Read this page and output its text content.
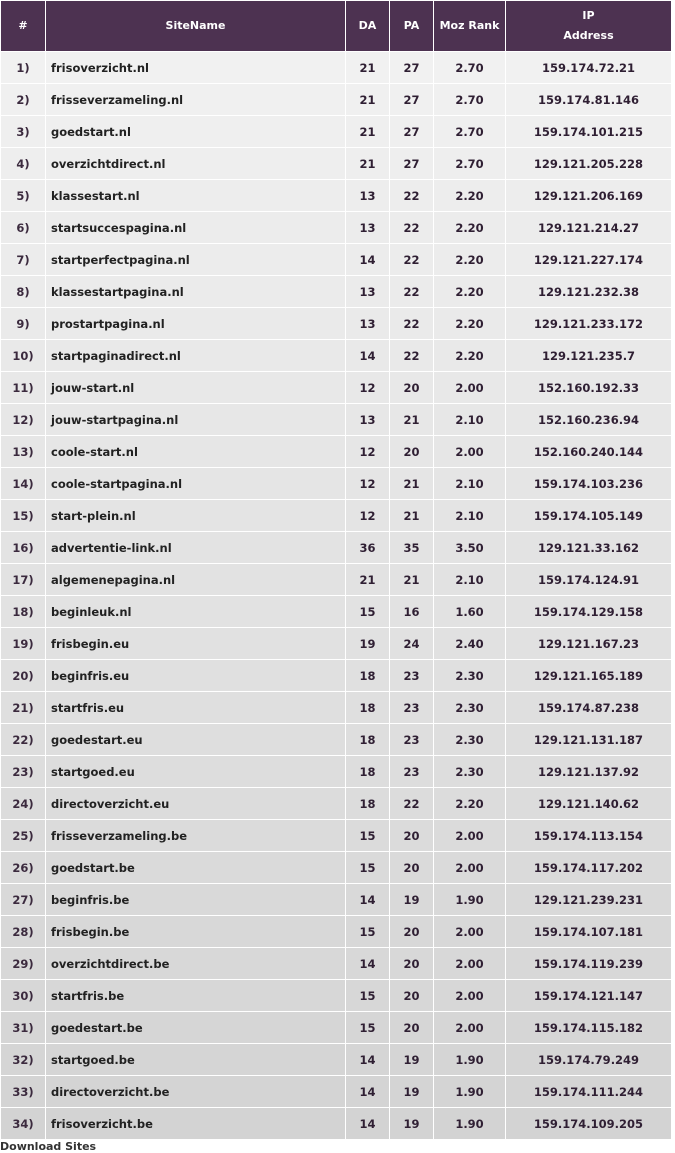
#	SiteName	DA	PA	Moz Rank	IP
Address

1)	frisoverzicht.nl	21	27	2.70	159.174.72.21
2)	frisseverzameling.nl	21	27	2.70	159.174.81.146
3)	goedstart.nl	21	27	2.70	159.174.101.215
4)	overzichtdirect.nl	21	27	2.70	129.121.205.228
5)	klassestart.nl	13	22	2.20	129.121.206.169
6)	startsuccespagina.nl	13	22	2.20	129.121.214.27
7)	startperfectpagina.nl	14	22	2.20	129.121.227.174
8)	klassestartpagina.nl	13	22	2.20	129.121.232.38
9)	prostartpagina.nl	13	22	2.20	129.121.233.172
10)	startpaginadirect.nl	14	22	2.20	129.121.235.7
11)	jouw-start.nl	12	20	2.00	152.160.192.33
12)	jouw-startpagina.nl	13	21	2.10	152.160.236.94
13)	coole-start.nl	12	20	2.00	152.160.240.144
14)	coole-startpagina.nl	12	21	2.10	159.174.103.236
15)	start-plein.nl	12	21	2.10	159.174.105.149
16)	advertentie-link.nl	36	35	3.50	129.121.33.162
17)	algemenepagina.nl	21	21	2.10	159.174.124.91
18)	beginleuk.nl	15	16	1.60	159.174.129.158
19)	frisbegin.eu	19	24	2.40	129.121.167.23
20)	beginfris.eu	18	23	2.30	129.121.165.189
21)	startfris.eu	18	23	2.30	159.174.87.238
22)	goedestart.eu	18	23	2.30	129.121.131.187
23)	startgoed.eu	18	23	2.30	129.121.137.92
24)	directoverzicht.eu	18	22	2.20	129.121.140.62
25)	frisseverzameling.be	15	20	2.00	159.174.113.154
26)	goedstart.be	15	20	2.00	159.174.117.202
27)	beginfris.be	14	19	1.90	129.121.239.231
28)	frisbegin.be	15	20	2.00	159.174.107.181
29)	overzichtdirect.be	14	20	2.00	159.174.119.239
30)	startfris.be	15	20	2.00	159.174.121.147
31)	goedestart.be	15	20	2.00	159.174.115.182
32)	startgoed.be	14	19	1.90	159.174.79.249
33)	directoverzicht.be	14	19	1.90	159.174.111.244
34)	frisoverzicht.be	14	19	1.90	159.174.109.205
Download Sites
